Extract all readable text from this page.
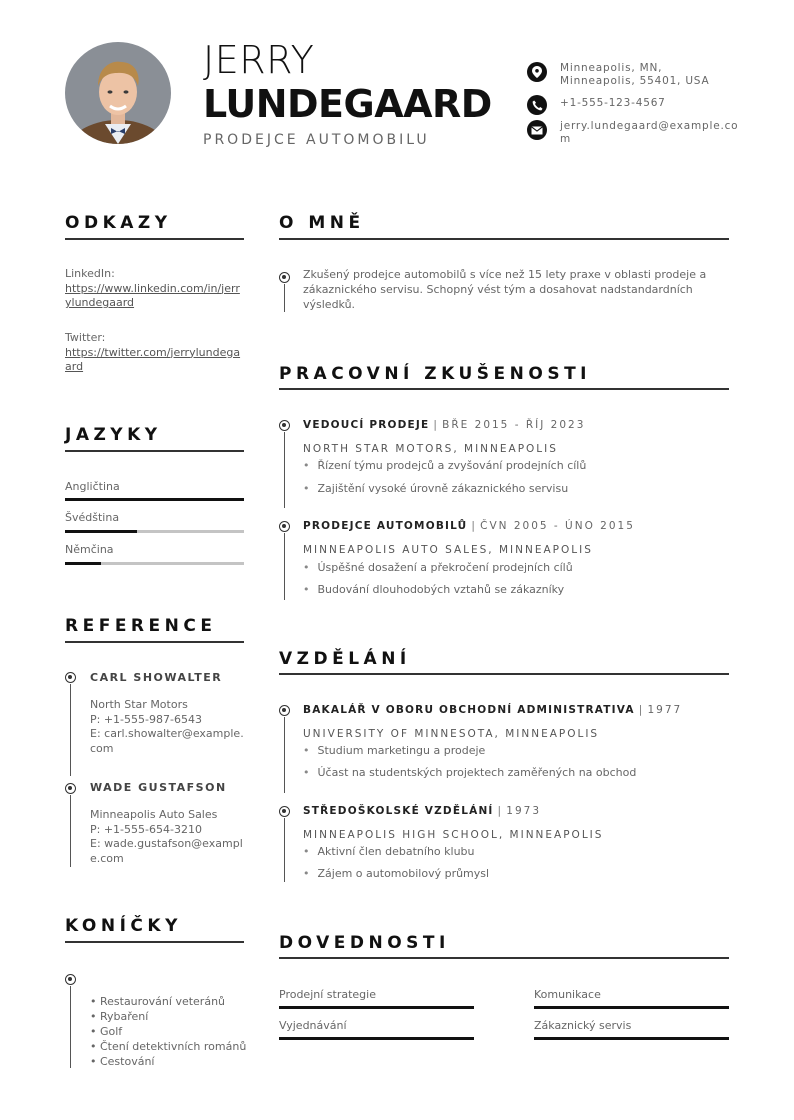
JERRY
LUNDEGAARD
PRODEJCE AUTOMOBILU
Minneapolis, MN,
Minneapolis, 55401, USA
+1-555-123-4567
jerry.lundegaard@example.com
ODKAZY
LinkedIn:
https://www.linkedin.com/in/jerrylundegaard
Twitter:
https://twitter.com/jerrylundegaard
JAZYKY
Angličtina
Švédština
Němčina
REFERENCE
CARL SHOWALTER
North Star Motors
P: +1-555-987-6543
E: carl.showalter@example.com
WADE GUSTAFSON
Minneapolis Auto Sales
P: +1-555-654-3210
E: wade.gustafson@example.com
KONÍČKY
• Restaurování veteránů
• Rybaření
• Golf
• Čtení detektivních románů
• Cestování
O MNĚ
Zkušený prodejce automobilů s více než 15 lety praxe v oblasti prodeje a zákaznického servisu. Schopný vést tým a dosahovat nadstandardních výsledků.
PRACOVNÍ ZKUŠENOSTI
VEDOUCÍ PRODEJE | BŘE 2015 - ŘÍJ 2023
NORTH STAR MOTORS, MINNEAPOLIS
• Řízení týmu prodejců a zvyšování prodejních cílů
• Zajištění vysoké úrovně zákaznického servisu
PRODEJCE AUTOMOBILŮ | ČVN 2005 - ÚNO 2015
MINNEAPOLIS AUTO SALES, MINNEAPOLIS
• Úspěšné dosažení a překročení prodejních cílů
• Budování dlouhodobých vztahů se zákazníky
VZDĚLÁNÍ
BAKALÁŘ V OBORU OBCHODNÍ ADMINISTRATIVA | 1977
UNIVERSITY OF MINNESOTA, MINNEAPOLIS
• Studium marketingu a prodeje
• Účast na studentských projektech zaměřených na obchod
STŘEDOŠKOLSKÉ VZDĚLÁNÍ | 1973
MINNEAPOLIS HIGH SCHOOL, MINNEAPOLIS
• Aktivní člen debatního klubu
• Zájem o automobilový průmysl
DOVEDNOSTI
Prodejní strategie	Komunikace
Vyjednávání	Zákaznický servis
